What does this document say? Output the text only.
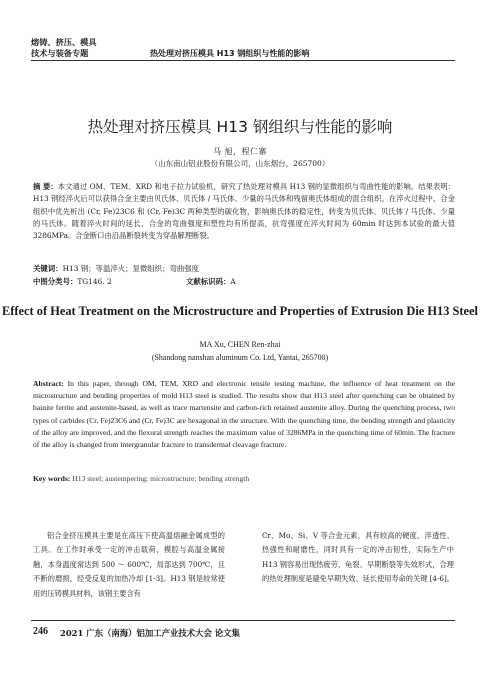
熔铸、挤压、模具
技术与装备专题	热处理对挤压模具 H13 钢组织与性能的影响
热处理对挤压模具 H13 钢组织与性能的影响
马 旭，程仁寨
（山东南山铝业股份有限公司，山东烟台，265700）
摘 要：本文通过 OM、TEM、XRD 和电子拉力试验机，研究了热处理对模具 H13 钢的显微组织与弯曲性能的影响。结果表明：H13 钢经淬火后可以获得合金主要由贝氏体、贝氏体 / 马氏体、少量的马氏体和残留奥氏体组成的混合组织。在淬火过程中，合金组织中优先析出 (Cr, Fe)23C6 和 (Cr, Fe)3C 两种类型的碳化物，影响奥氏体的稳定性，转变为贝氏体、贝氏体 / 马氏体、少量的马氏体。随着淬火时间的延长，合金的弯曲强度和塑性均有所提高，抗弯强度在淬火时间为 60min 时达到本试验的最大值 3286MPa。合金断口由沿晶断裂转变为穿晶解理断裂。
关键词：H13 钢；等温淬火；显微组织；弯曲强度
中图分类号：TG146. 2	文献标识码：A
Effect of Heat Treatment on the Microstructure and Properties of Extrusion Die H13 Steel
MA Xu, CHEN Ren-zhai
(Shandong nanshan aluminum Co. Ltd, Yantai, 265700)
Abstract: In this paper, through OM, TEM, XRD and electronic tensile testing machine, the influence of heat treatment on the microstructure and bending properties of mold H13 steel is studied. The results show that H13 steel after quenching can be obtained by bainite ferrite and austenite-based, as well as trace martensite and carbon-rich retained austenite alloy. During the quenching process, two types of carbides (Cr, Fe)23C6 and (Cr, Fe)3C are hexagonal in the structure. With the quenching time, the bending strength and plasticity of the alloy are improved, and the flexural strength reaches the maximum value of 3286MPa in the quenching time of 60min. The fracture of the alloy is changed from intergranular fracture to transdermal cleavage fracture.
Key words: H13 steel; austempering; microstructure; bending strength
铝合金挤压模具主要是在高压下使高温熔融金属成型的工具。在工作时承受一定的冲击载荷，模腔与高温金属接触，本身温度常达到 500 ～ 600℃，局部达到 700℃，且不断的磨损，经受反复的加热冷却 [1-3]。H13 钢是较常使用的压铸模具材料，该钢主要含有
Cr、Mo、Si、V 等合金元素，具有较高的硬度、淬透性、热强性和耐磨性，同时具有一定的冲击韧性，实际生产中 H13 钢容易出现热疲劳、龟裂、早期断裂等失效形式，合理的热处理制度是避免早期失效、延长使用寿命的关键 [4-6]。
246 2021 广东（南海）铝加工产业技术大会 论文集
